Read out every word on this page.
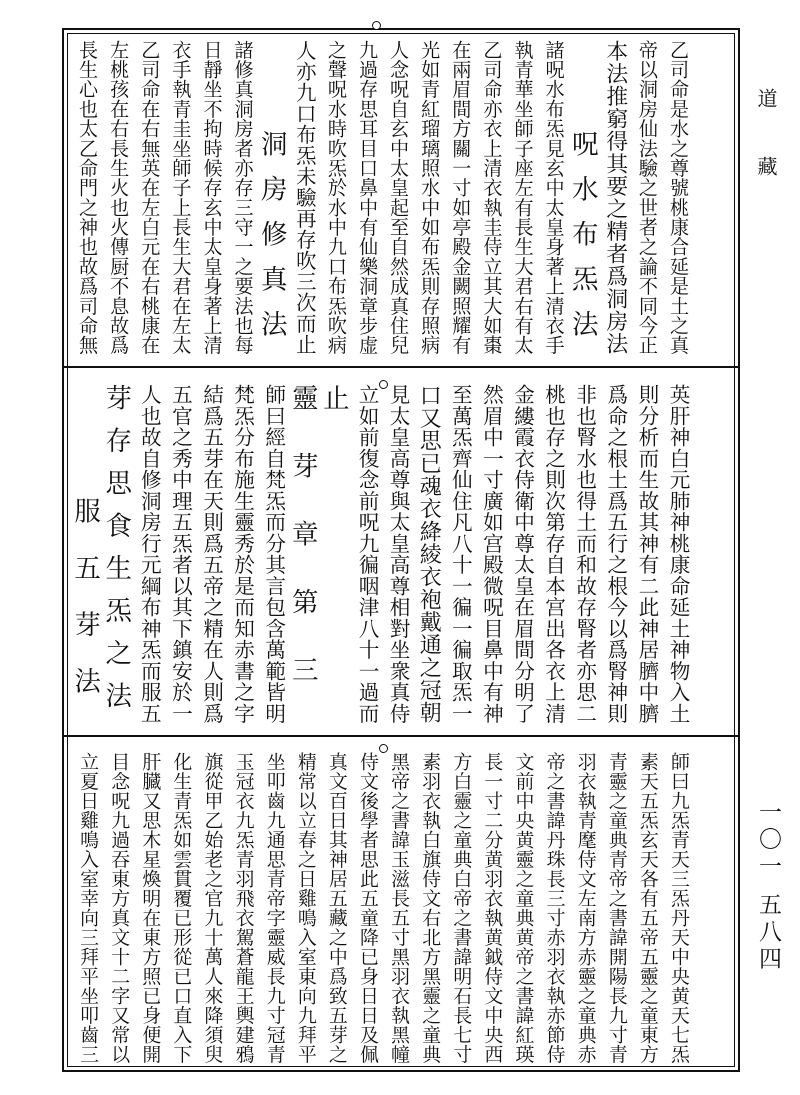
道　藏
一〇一 五八四
乙司命是水之尊號桃康合延是土之真
帝以洞房仙法驗之世者之論不同今正
本法推窮得其要之精者爲洞房法
　　呪水布炁法
諸呪水布炁見玄中太皇身著上清衣手
執青華坐師子座左有長生大君右有太
乙司命亦衣上清衣執圭侍立其大如棗
在兩眉間方關一寸如亭殿金闕照耀有
光如青紅瑠璃照水中如布炁則存照病
人念呪自玄中太皇起至自然成真住兒
九過存思耳目口鼻中有仙樂洞章步虚
之聲呪水時吹炁於水中九口布炁吹病
人亦九口布炁未驗再存吹三次而止
　　洞房修真法
諸修真洞房者亦存三守一之要法也每
日靜坐不拘時候存玄中太皇身著上清
衣手執青圭坐師子上長生大君在左太
乙司命在右無英在左白元在右桃康在
左桃孩在右長生火也火傳厨不息故爲
長生心也太乙命門之神也故爲司命無
英肝神白元肺神桃康命延土神物入土
則分析而生故其神有二此神居臍中臍
爲命之根土爲五行之根今以爲腎神則
非也腎水也得土而和故存腎者亦思二
桃也存之則次第存自本宫出各衣上清
金縷霞衣侍衛中尊太皇在眉間分明了
然眉中一寸廣如宫殿微呪目鼻中有神
至萬炁齊仙住凡八十一徧一徧取炁一
口又思已魂衣絳綾衣袍戴通之冠朝
見太皇高尊與太皇高尊相對坐衆真侍
立如前復念前呪九徧咽津八十一過而
止
靈芽章第三
師曰經自梵炁而分其言包含萬範皆明
梵炁分布施生靈秀於是而知赤書之字
結爲五芽在天則爲五帝之精在人則爲
五官之秀中理五炁者以其下鎮安於一
人也故自修洞房行元綱布神炁而服五
芽存思食生炁之法
　　服五芽法
師曰九炁青天三炁丹天中央黄天七炁
素天五炁玄天各有五帝五靈之童東方
青靈之童典青帝之書諱開陽長九寸青
羽衣執青麾侍文左南方赤靈之童典赤
帝之書諱丹珠長三寸赤羽衣執赤節侍
文前中央黄靈之童典黄帝之書諱紅瑛
長一寸二分黄羽衣執黄鉞侍文中央西
方白靈之童典白帝之書諱明石長七寸
素羽衣執白旗侍文右北方黑靈之童典
黑帝之書諱玉滋長五寸黑羽衣執黑幢
侍文後學者思此五童降已身日日及佩
真文百日其神居五藏之中爲致五芽之
精常以立春之日雞鳴入室東向九拜平
坐叩齒九通思青帝字靈威長九寸冠青
玉冠衣九炁青羽飛衣駕蒼龍王輿建鴉
旗從甲乙始老之官九十萬人來降須臾
化生青炁如雲貫覆已形從已口直入下
肝臓又思木星煥明在東方照已身便開
目念呪九過吞東方真文十二字又常以
立夏日雞鳴入室幸向三拜平坐叩齒三
